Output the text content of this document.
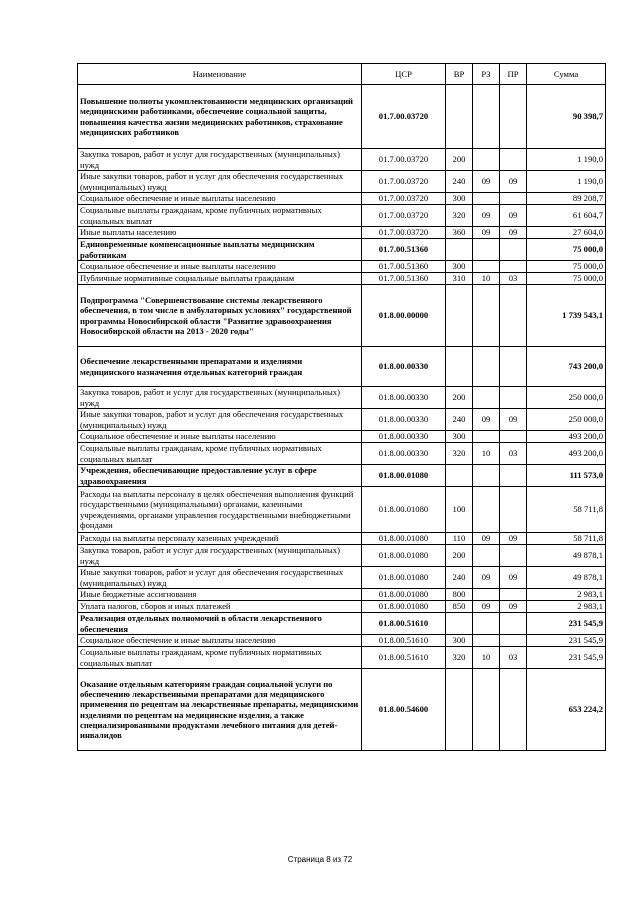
Наименование	ЦСР	ВР	РЗ	ПР	Сумма
Повышение полноты укомплектованности медицинских организаций медицинскими работниками, обеспечение социальной защиты, повышения качества жизни медицинских работников, страхование медицинских работников	01.7.00.03720				90 398,7
Закупка товаров, работ и услуг для государственных (муниципальных) нужд	01.7.00.03720	200			1 190,0
Иные закупки товаров, работ и услуг для обеспечения государственных (муниципальных) нужд	01.7.00.03720	240	09	09	1 190,0
Социальное обеспечение и иные выплаты населению	01.7.00.03720	300			89 208,7
Социальные выплаты гражданам, кроме публичных нормативных социальных выплат	01.7.00.03720	320	09	09	61 604,7
Иные выплаты населению	01.7.00.03720	360	09	09	27 604,0
Единовременные компенсационные выплаты медицинским работникам	01.7.00.51360				75 000,0
Социальное обеспечение и иные выплаты населению	01.7.00.51360	300			75 000,0
Публичные нормативные социальные выплаты гражданам	01.7.00.51360	310	10	03	75 000,0
Подпрограмма "Совершенствование системы лекарственного обеспечения, в том числе в амбулаторных условиях" государственной программы Новосибирской области "Развитие здравоохранения Новосибирской области на 2013 - 2020 годы"	01.8.00.00000				1 739 543,1
Обеспечение лекарственными препаратами и изделиями медицинского назначения отдельных категорий граждан	01.8.00.00330				743 200,0
Закупка товаров, работ и услуг для государственных (муниципальных) нужд	01.8.00.00330	200			250 000,0
Иные закупки товаров, работ и услуг для обеспечения государственных (муниципальных) нужд	01.8.00.00330	240	09	09	250 000,0
Социальное обеспечение и иные выплаты населению	01.8.00.00330	300			493 200,0
Социальные выплаты гражданам, кроме публичных нормативных социальных выплат	01.8.00.00330	320	10	03	493 200,0
Учреждения, обеспечивающие предоставление услуг в сфере здравоохранения	01.8.00.01080				111 573,0
Расходы на выплаты персоналу в целях обеспечения выполнения функций государственными (муниципальными) органами, казенными учреждениями, органами управления государственными внебюджетными фондами	01.8.00.01080	100			58 711,8
Расходы на выплаты персоналу казенных учреждений	01.8.00.01080	110	09	09	58 711,8
Закупка товаров, работ и услуг для государственных (муниципальных) нужд	01.8.00.01080	200			49 878,1
Иные закупки товаров, работ и услуг для обеспечения государственных (муниципальных) нужд	01.8.00.01080	240	09	09	49 878,1
Иные бюджетные ассигнования	01.8.00.01080	800			2 983,1
Уплата налогов, сборов и иных платежей	01.8.00.01080	850	09	09	2 983,1
Реализация отдельных полномочий в области лекарственного обеспечения	01.8.00.51610				231 545,9
Социальное обеспечение и иные выплаты населению	01.8.00.51610	300			231 545,9
Социальные выплаты гражданам, кроме публичных нормативных социальных выплат	01.8.00.51610	320	10	03	231 545,9
Оказание отдельным категориям граждан социальной услуги по обеспечению лекарственными препаратами для медицинского применения по рецептам на лекарственные препараты, медицинскими изделиями по рецептам на медицинские изделия, а также специализированными продуктами лечебного питания для детей-инвалидов	01.8.00.54600				653 224,2
Страница 8 из 72
